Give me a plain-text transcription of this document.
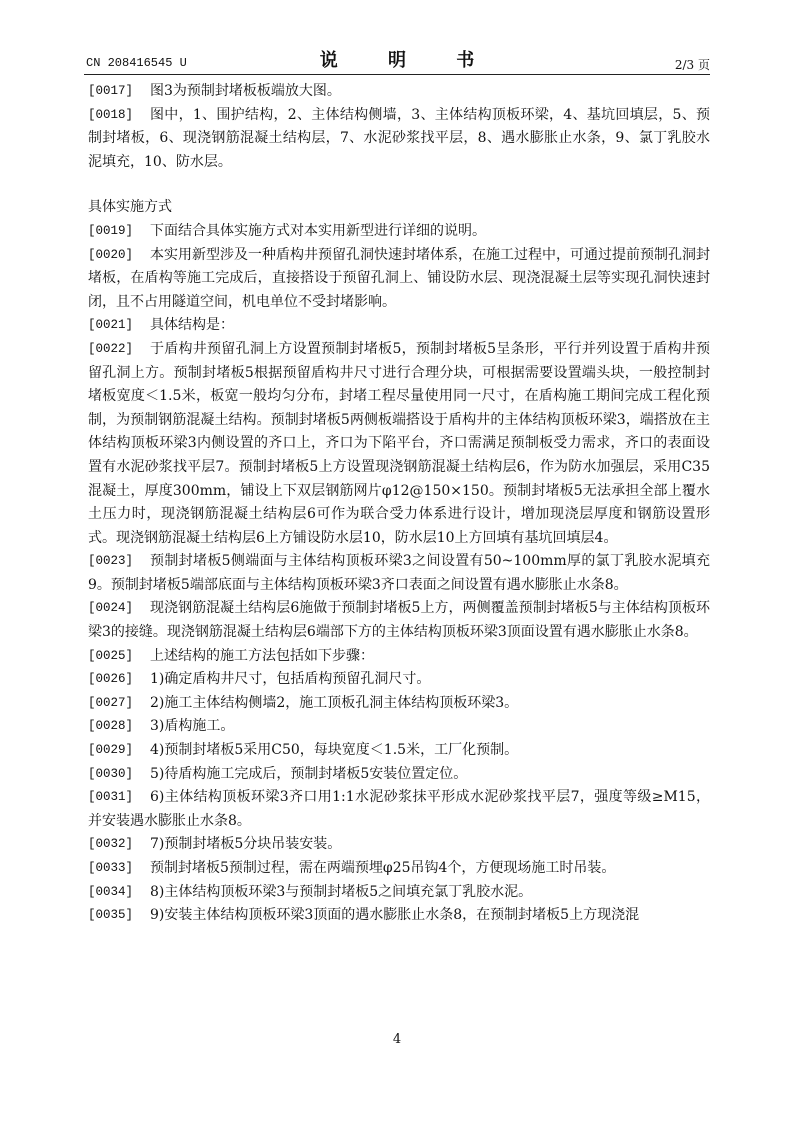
CN 208416545 U	说 明 书	2/3 页
[0017]	图3为预制封堵板板端放大图。
[0018]	图中，1、围护结构，2、主体结构侧墙，3、主体结构顶板环梁，4、基坑回填层，5、预制封堵板，6、现浇钢筋混凝土结构层，7、水泥砂浆找平层，8、遇水膨胀止水条，9、氯丁乳胶水泥填充，10、防水层。
具体实施方式
[0019]	下面结合具体实施方式对本实用新型进行详细的说明。
[0020]	本实用新型涉及一种盾构井预留孔洞快速封堵体系，在施工过程中，可通过提前预制孔洞封堵板，在盾构等施工完成后，直接搭设于预留孔洞上、铺设防水层、现浇混凝土层等实现孔洞快速封闭，且不占用隧道空间，机电单位不受封堵影响。
[0021]	具体结构是：
[0022]	于盾构井预留孔洞上方设置预制封堵板5，预制封堵板5呈条形，平行并列设置于盾构井预留孔洞上方。预制封堵板5根据预留盾构井尺寸进行合理分块，可根据需要设置端头块，一般控制封堵板宽度＜1.5米，板宽一般均匀分布，封堵工程尽量使用同一尺寸，在盾构施工期间完成工程化预制，为预制钢筋混凝土结构。预制封堵板5两侧板端搭设于盾构井的主体结构顶板环梁3，端搭放在主体结构顶板环梁3内侧设置的齐口上，齐口为下陷平台，齐口需满足预制板受力需求，齐口的表面设置有水泥砂浆找平层7。预制封堵板5上方设置现浇钢筋混凝土结构层6，作为防水加强层，采用C35混凝土，厚度300mm，铺设上下双层钢筋网片φ12@150×150。预制封堵板5无法承担全部上覆水土压力时，现浇钢筋混凝土结构层6可作为联合受力体系进行设计，增加现浇层厚度和钢筋设置形式。现浇钢筋混凝土结构层6上方铺设防水层10，防水层10上方回填有基坑回填层4。
[0023]	预制封堵板5侧端面与主体结构顶板环梁3之间设置有50~100mm厚的氯丁乳胶水泥填充9。预制封堵板5端部底面与主体结构顶板环梁3齐口表面之间设置有遇水膨胀止水条8。
[0024]	现浇钢筋混凝土结构层6施做于预制封堵板5上方，两侧覆盖预制封堵板5与主体结构顶板环梁3的接缝。现浇钢筋混凝土结构层6端部下方的主体结构顶板环梁3顶面设置有遇水膨胀止水条8。
[0025]	上述结构的施工方法包括如下步骤：
[0026]	1)确定盾构井尺寸，包括盾构预留孔洞尺寸。
[0027]	2)施工主体结构侧墙2，施工顶板孔洞主体结构顶板环梁3。
[0028]	3)盾构施工。
[0029]	4)预制封堵板5采用C50，每块宽度＜1.5米，工厂化预制。
[0030]	5)待盾构施工完成后，预制封堵板5安装位置定位。
[0031]	6)主体结构顶板环梁3齐口用1:1水泥砂浆抹平形成水泥砂浆找平层7，强度等级≥M15，并安装遇水膨胀止水条8。
[0032]	7)预制封堵板5分块吊装安装。
[0033]	预制封堵板5预制过程，需在两端预埋φ25吊钩4个，方便现场施工时吊装。
[0034]	8)主体结构顶板环梁3与预制封堵板5之间填充氯丁乳胶水泥。
[0035]	9)安装主体结构顶板环梁3顶面的遇水膨胀止水条8，在预制封堵板5上方现浇混
4
